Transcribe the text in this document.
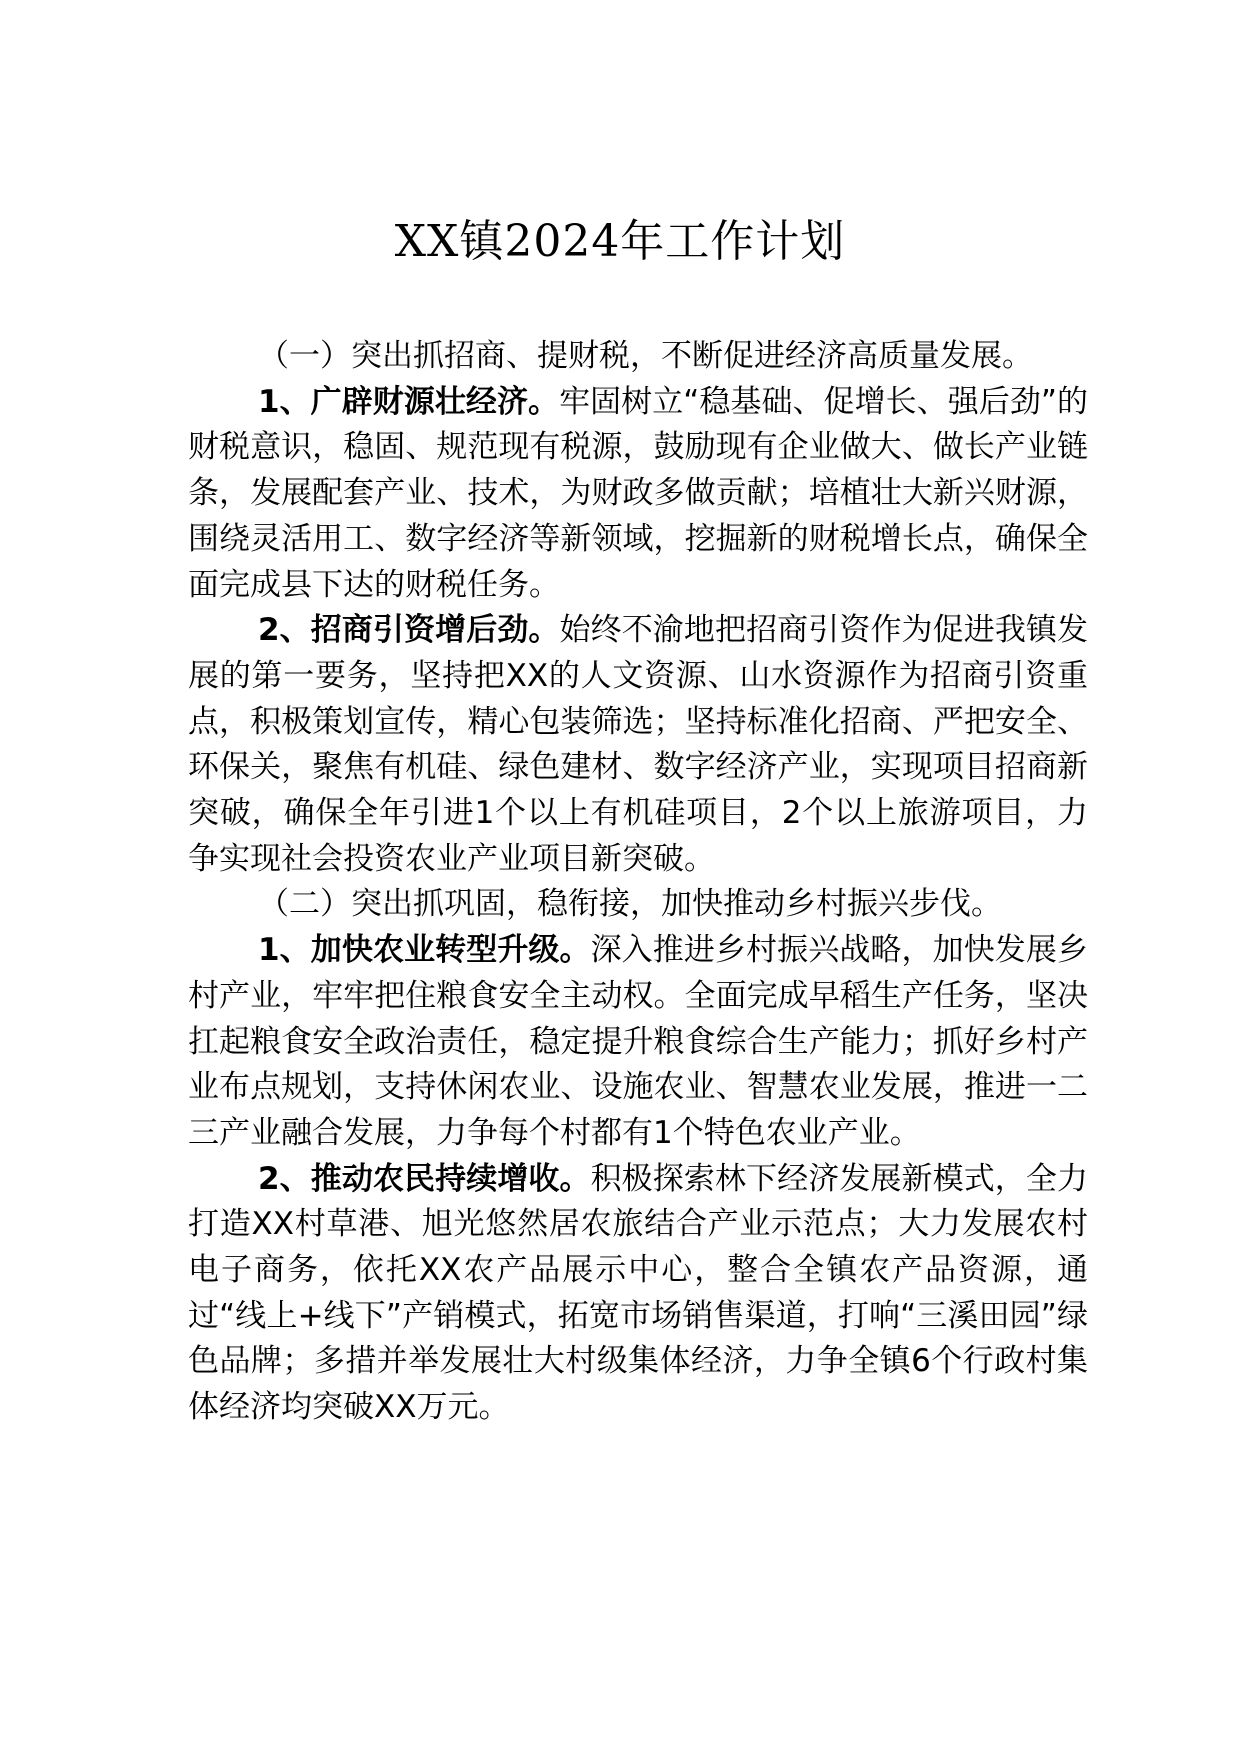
XX镇2024年工作计划

（一）突出抓招商、提财税，不断促进经济高质量发展。

1、广辟财源壮经济。牢固树立“稳基础、促增长、强后劲”的财税意识，稳固、规范现有税源，鼓励现有企业做大、做长产业链条，发展配套产业、技术，为财政多做贡献；培植壮大新兴财源，围绕灵活用工、数字经济等新领域，挖掘新的财税增长点，确保全面完成县下达的财税任务。

2、招商引资增后劲。始终不渝地把招商引资作为促进我镇发展的第一要务，坚持把XX的人文资源、山水资源作为招商引资重点，积极策划宣传，精心包装筛选；坚持标准化招商、严把安全、环保关，聚焦有机硅、绿色建材、数字经济产业，实现项目招商新突破，确保全年引进1个以上有机硅项目，2个以上旅游项目，力争实现社会投资农业产业项目新突破。

（二）突出抓巩固，稳衔接，加快推动乡村振兴步伐。

1、加快农业转型升级。深入推进乡村振兴战略，加快发展乡村产业，牢牢把住粮食安全主动权。全面完成早稻生产任务，坚决扛起粮食安全政治责任，稳定提升粮食综合生产能力；抓好乡村产业布点规划，支持休闲农业、设施农业、智慧农业发展，推进一二三产业融合发展，力争每个村都有1个特色农业产业。

2、推动农民持续增收。积极探索林下经济发展新模式，全力打造XX村草港、旭光悠然居农旅结合产业示范点；大力发展农村电子商务，依托XX农产品展示中心，整合全镇农产品资源，通过“线上+线下”产销模式，拓宽市场销售渠道，打响“三溪田园”绿色品牌；多措并举发展壮大村级集体经济，力争全镇6个行政村集体经济均突破XX万元。
